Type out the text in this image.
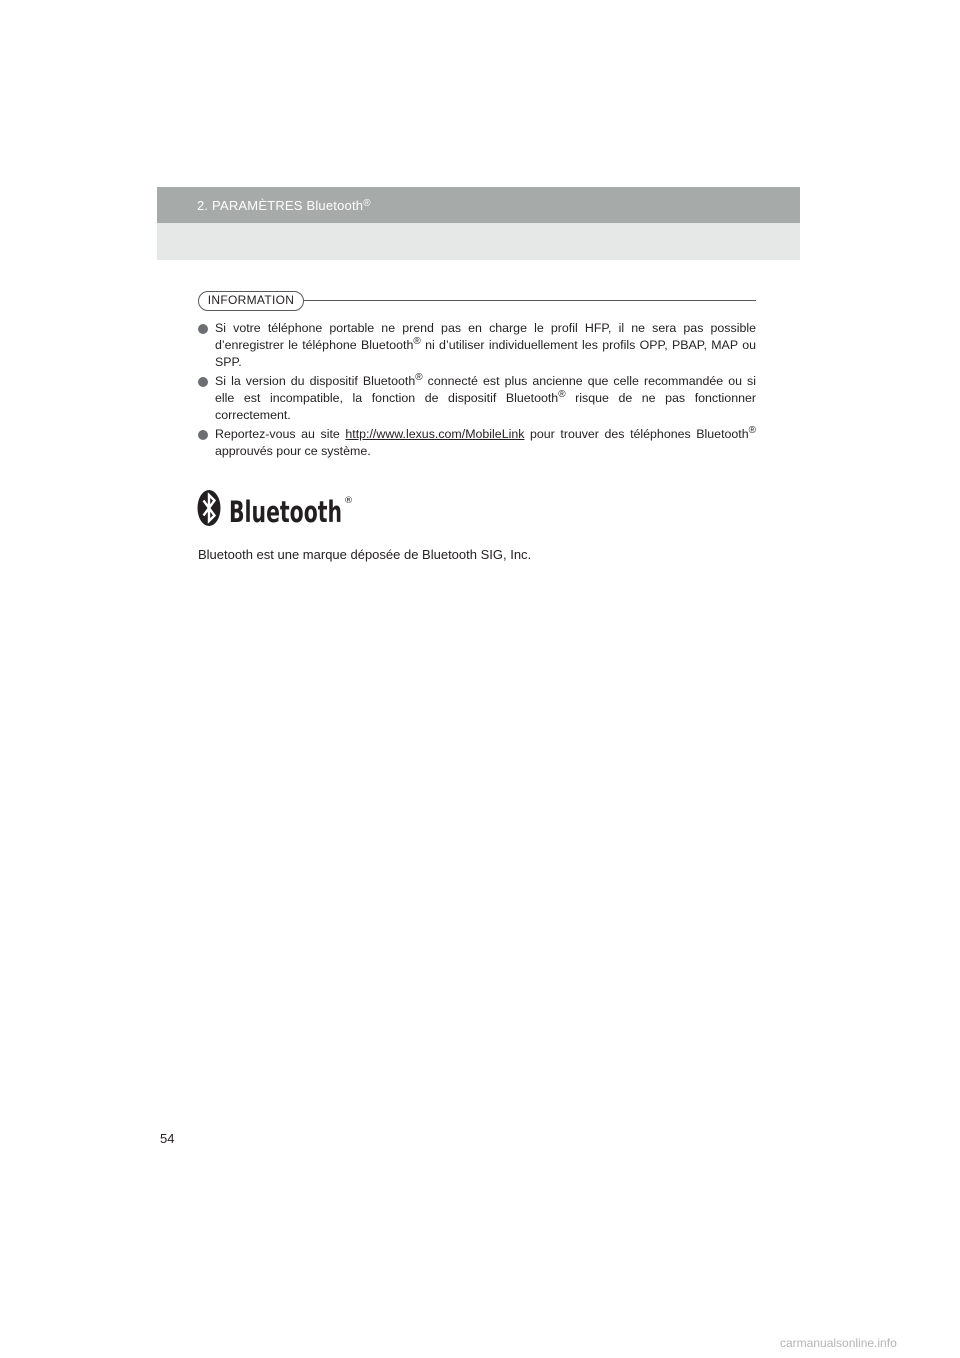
2. PARAMÈTRES Bluetooth®
INFORMATION
Si votre téléphone portable ne prend pas en charge le profil HFP, il ne sera pas possible d’enregistrer le téléphone Bluetooth® ni d’utiliser individuellement les profils OPP, PBAP, MAP ou SPP.
Si la version du dispositif Bluetooth® connecté est plus ancienne que celle recommandée ou si elle est incompatible, la fonction de dispositif Bluetooth® risque de ne pas fonctionner correctement.
Reportez-vous au site http://www.lexus.com/MobileLink pour trouver des téléphones Bluetooth® approuvés pour ce système.
Bluetooth ®
Bluetooth est une marque déposée de Bluetooth SIG, Inc.
54
carmanualsonline.info
